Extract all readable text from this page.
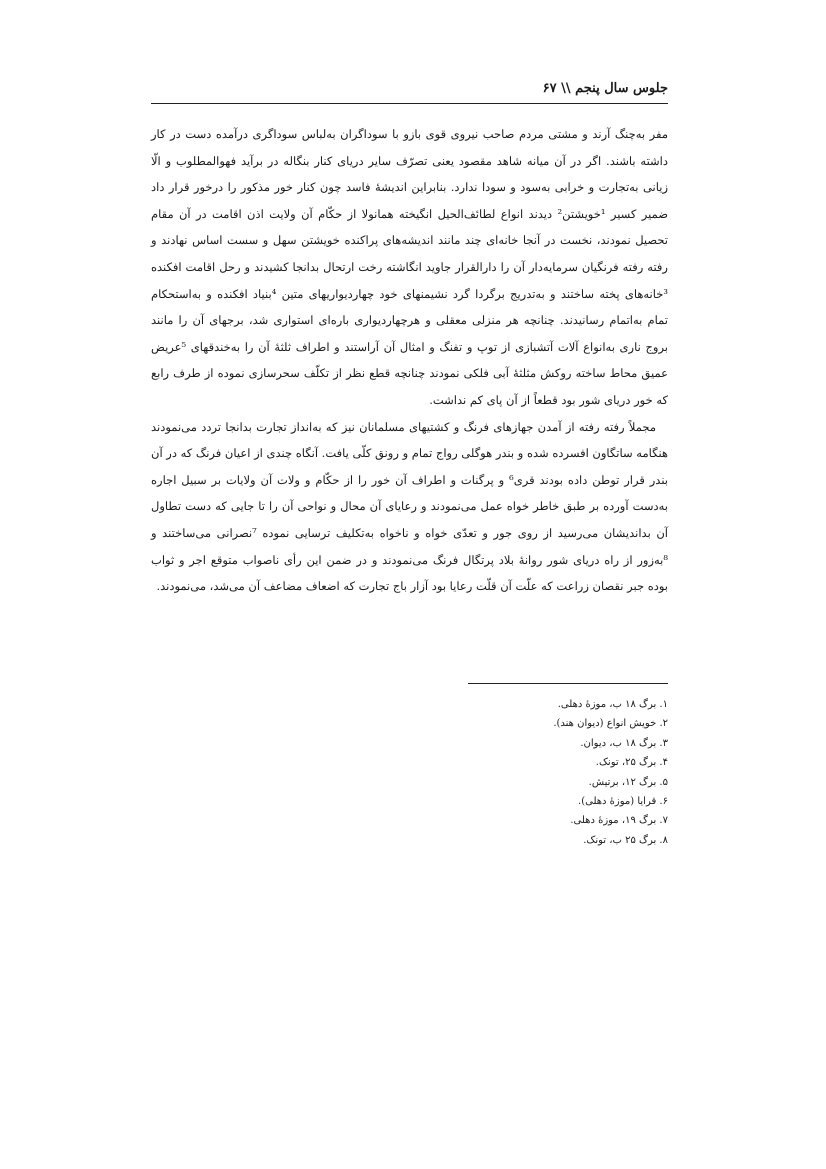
جلوس سال پنجم \\ ۶۷

مفر به‌چنگ آرند و مشتی مردم صاحب نیروی قوی بازو با سوداگران به‌لباس سوداگری درآمده دست در کار داشته باشند. اگر در آن میانه شاهد مقصود یعنی تصرّف سایر دریای کنار بنگاله در برآید فهوالمطلوب و الّا زیانی به‌تجارت و خرابی به‌سود و سودا ندارد. بنابراین اندیشهٔ فاسد چون کنار خور مذکور را درخور قرار داد ضمیر کسیر ¹خویشتن² دیدند انواع لطائف‌الحیل انگیخته همانولا از حکّام آن ولایت اذن اقامت در آن مقام تحصیل نمودند، نخست در آنجا خانه‌ای چند مانند اندیشه‌های پراکنده خویشتن سهل و سست اساس نهادند و رفته رفته فرنگیان سرمایه‌دار آن را دارالقرار جاوید انگاشته رخت ارتحال بدانجا کشیدند و رحل اقامت افکنده ³خانه‌های پخته ساختند و به‌تدریج برگردا گرد نشیمنهای خود چهاردیواریهای متین ⁴بنیاد افکنده و به‌استحکام تمام به‌اتمام رسانیدند. چنانچه هر منزلی معقلی و هرچهاردیواری باره‌ای استواری شد، برجهای آن را مانند بروج ناری به‌انواع آلات آتشبازی از توپ و تفنگ و امثال آن آراستند و اطراف ثلثهٔ آن را به‌خندقهای ⁵عریض عمیق محاط ساخته روکش مثلثهٔ آبی فلکی نمودند چنانچه قطع نظر از تکلّف سحرسازی نموده از طرف رابع که خور دریای شور بود قطعاً از آن پای کم نداشت.

مجملاً رفته رفته از آمدن جهازهای فرنگ و کشتیهای مسلمانان نیز که به‌انداز تجارت بدانجا تردد می‌نمودند هنگامه ساتگاون افسرده شده و بندر هوگلی رواج تمام و رونق کلّی یافت. آنگاه چندی از اعیان فرنگ که در آن بندر قرار توطن داده بودند قری⁶ و پرگنات و اطراف آن خور را از حکّام و ولات آن ولایات بر سبیل اجاره به‌دست آورده بر طبق خاطر خواه عمل می‌نمودند و رعایای آن محال و نواحی آن را تا جایی که دست تطاول آن بداندیشان می‌رسید از روی جور و تعدّی خواه و ناخواه به‌تکلیف ترسایی نموده ⁷نصرانی می‌ساختند و ⁸به‌زور از راه دریای شور روانهٔ بلاد پرتگال فرنگ می‌نمودند و در ضمن این رأی ناصواب متوقع اجر و ثواب بوده جبر نقصان زراعت که علّت آن قلّت رعایا بود آزار باج تجارت که اضعاف مضاعف آن می‌شد، می‌نمودند.

۱. برگ ۱۸ ب، موزهٔ دهلی.
۲. خویش انواع (دیوان هند).
۳. برگ ۱۸ ب، دیوان.
۴. برگ ۲۵، تونک.
۵. برگ ۱۲، برتیش.
۶. قرایا (موزهٔ دهلی).
۷. برگ ۱۹، موزهٔ دهلی.
۸. برگ ۲۵ ب، تونک.
